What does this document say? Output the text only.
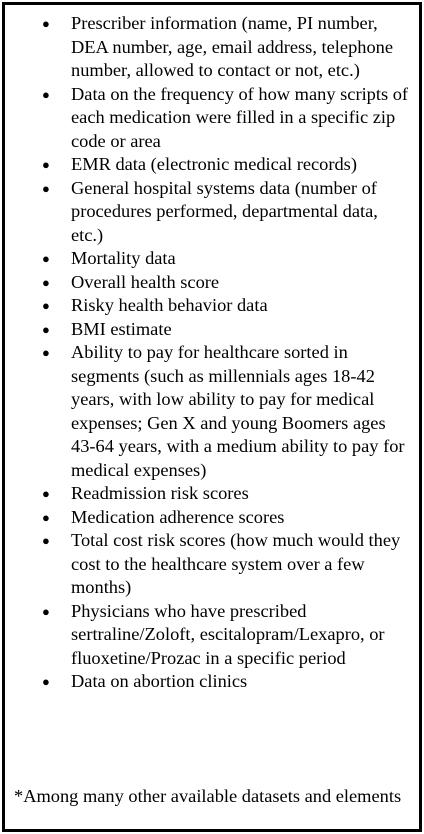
● Prescriber information (name, PI number, DEA number, age, email address, telephone number, allowed to contact or not, etc.)
● Data on the frequency of how many scripts of each medication were filled in a specific zip code or area
● EMR data (electronic medical records)
● General hospital systems data (number of procedures performed, departmental data, etc.)
● Mortality data
● Overall health score
● Risky health behavior data
● BMI estimate
● Ability to pay for healthcare sorted in segments (such as millennials ages 18-42 years, with low ability to pay for medical expenses; Gen X and young Boomers ages 43-64 years, with a medium ability to pay for medical expenses)
● Readmission risk scores
● Medication adherence scores
● Total cost risk scores (how much would they cost to the healthcare system over a few months)
● Physicians who have prescribed sertraline/Zoloft, escitalopram/Lexapro, or fluoxetine/Prozac in a specific period
● Data on abortion clinics

*Among many other available datasets and elements
